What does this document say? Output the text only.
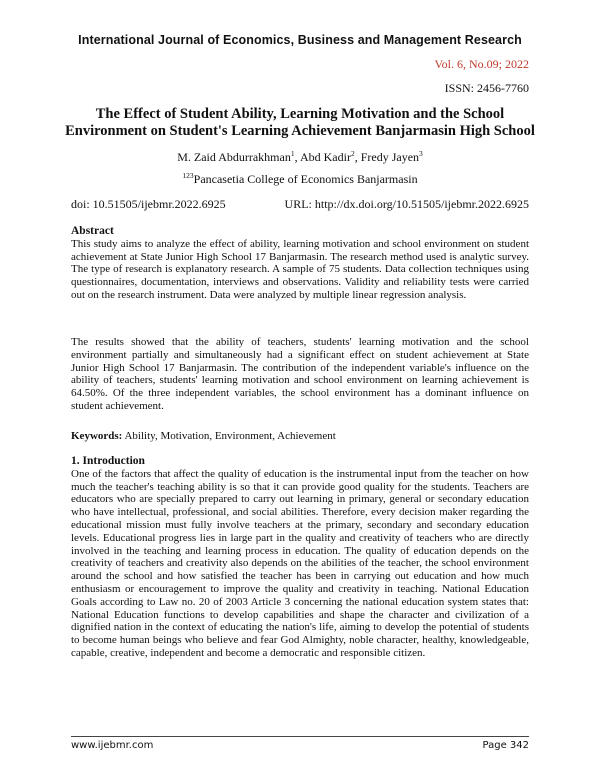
International Journal of Economics, Business and Management Research
Vol. 6, No.09; 2022
ISSN: 2456-7760
The Effect of Student Ability, Learning Motivation and the School Environment on Student's Learning Achievement Banjarmasin High School
M. Zaid Abdurrakhman$^1$, Abd Kadir$^2$, Fredy Jayen$^3$
$^{123}$Pancasetia College of Economics Banjarmasin
doi: 10.51505/ijebmr.2022.6925	URL: http://dx.doi.org/10.51505/ijebmr.2022.6925
Abstract
This study aims to analyze the effect of ability, learning motivation and school environment on student achievement at State Junior High School 17 Banjarmasin. The research method used is analytic survey. The type of research is explanatory research. A sample of 75 students. Data collection techniques using questionnaires, documentation, interviews and observations. Validity and reliability tests were carried out on the research instrument. Data were analyzed by multiple linear regression analysis.
The results showed that the ability of teachers, students' learning motivation and the school environment partially and simultaneously had a significant effect on student achievement at State Junior High School 17 Banjarmasin. The contribution of the independent variable's influence on the ability of teachers, students' learning motivation and school environment on learning achievement is 64.50%. Of the three independent variables, the school environment has a dominant influence on student achievement.
Keywords: Ability, Motivation, Environment, Achievement
1. Introduction
One of the factors that affect the quality of education is the instrumental input from the teacher on how much the teacher's teaching ability is so that it can provide good quality for the students. Teachers are educators who are specially prepared to carry out learning in primary, general or secondary education who have intellectual, professional, and social abilities. Therefore, every decision maker regarding the educational mission must fully involve teachers at the primary, secondary and secondary education levels. Educational progress lies in large part in the quality and creativity of teachers who are directly involved in the teaching and learning process in education. The quality of education depends on the creativity of teachers and creativity also depends on the abilities of the teacher, the school environment around the school and how satisfied the teacher has been in carrying out education and how much enthusiasm or encouragement to improve the quality and creativity in teaching. National Education Goals according to Law no. 20 of 2003 Article 3 concerning the national education system states that: National Education functions to develop capabilities and shape the character and civilization of a dignified nation in the context of educating the nation's life, aiming to develop the potential of students to become human beings who believe and fear God Almighty, noble character, healthy, knowledgeable, capable, creative, independent and become a democratic and responsible citizen.
www.ijebmr.com	Page 342
